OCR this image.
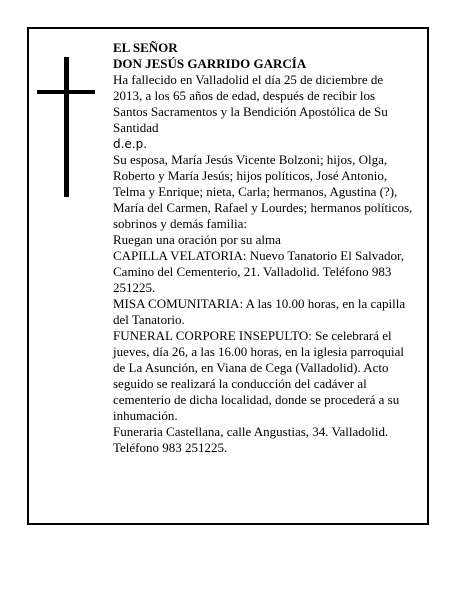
EL SEÑOR

DON JESÚS GARRIDO GARCÍA

Ha fallecido en Valladolid el día 25 de diciembre de 2013, a los 65 años de edad, después de recibir los Santos Sacramentos y la Bendición Apostólica de Su Santidad

d.e.p.

Su esposa, María Jesús Vicente Bolzoni; hijos, Olga, Roberto y María Jesús; hijos políticos, José Antonio, Telma y Enrique; nieta, Carla; hermanos, Agustina (?), María del Carmen, Rafael y Lourdes; hermanos políticos, sobrinos y demás familia:

Ruegan una oración por su alma

CAPILLA VELATORIA: Nuevo Tanatorio El Salvador, Camino del Cementerio, 21. Valladolid. Teléfono 983 251225.

MISA COMUNITARIA: A las 10.00 horas, en la capilla del Tanatorio.

FUNERAL CORPORE INSEPULTO: Se celebrará el jueves, día 26, a las 16.00 horas, en la iglesia parroquial de La Asunción, en Viana de Cega (Valladolid). Acto seguido se realizará la conducción del cadáver al cementerio de dicha localidad, donde se procederá a su inhumación.

Funeraria Castellana, calle Angustias, 34. Valladolid. Teléfono 983 251225.
